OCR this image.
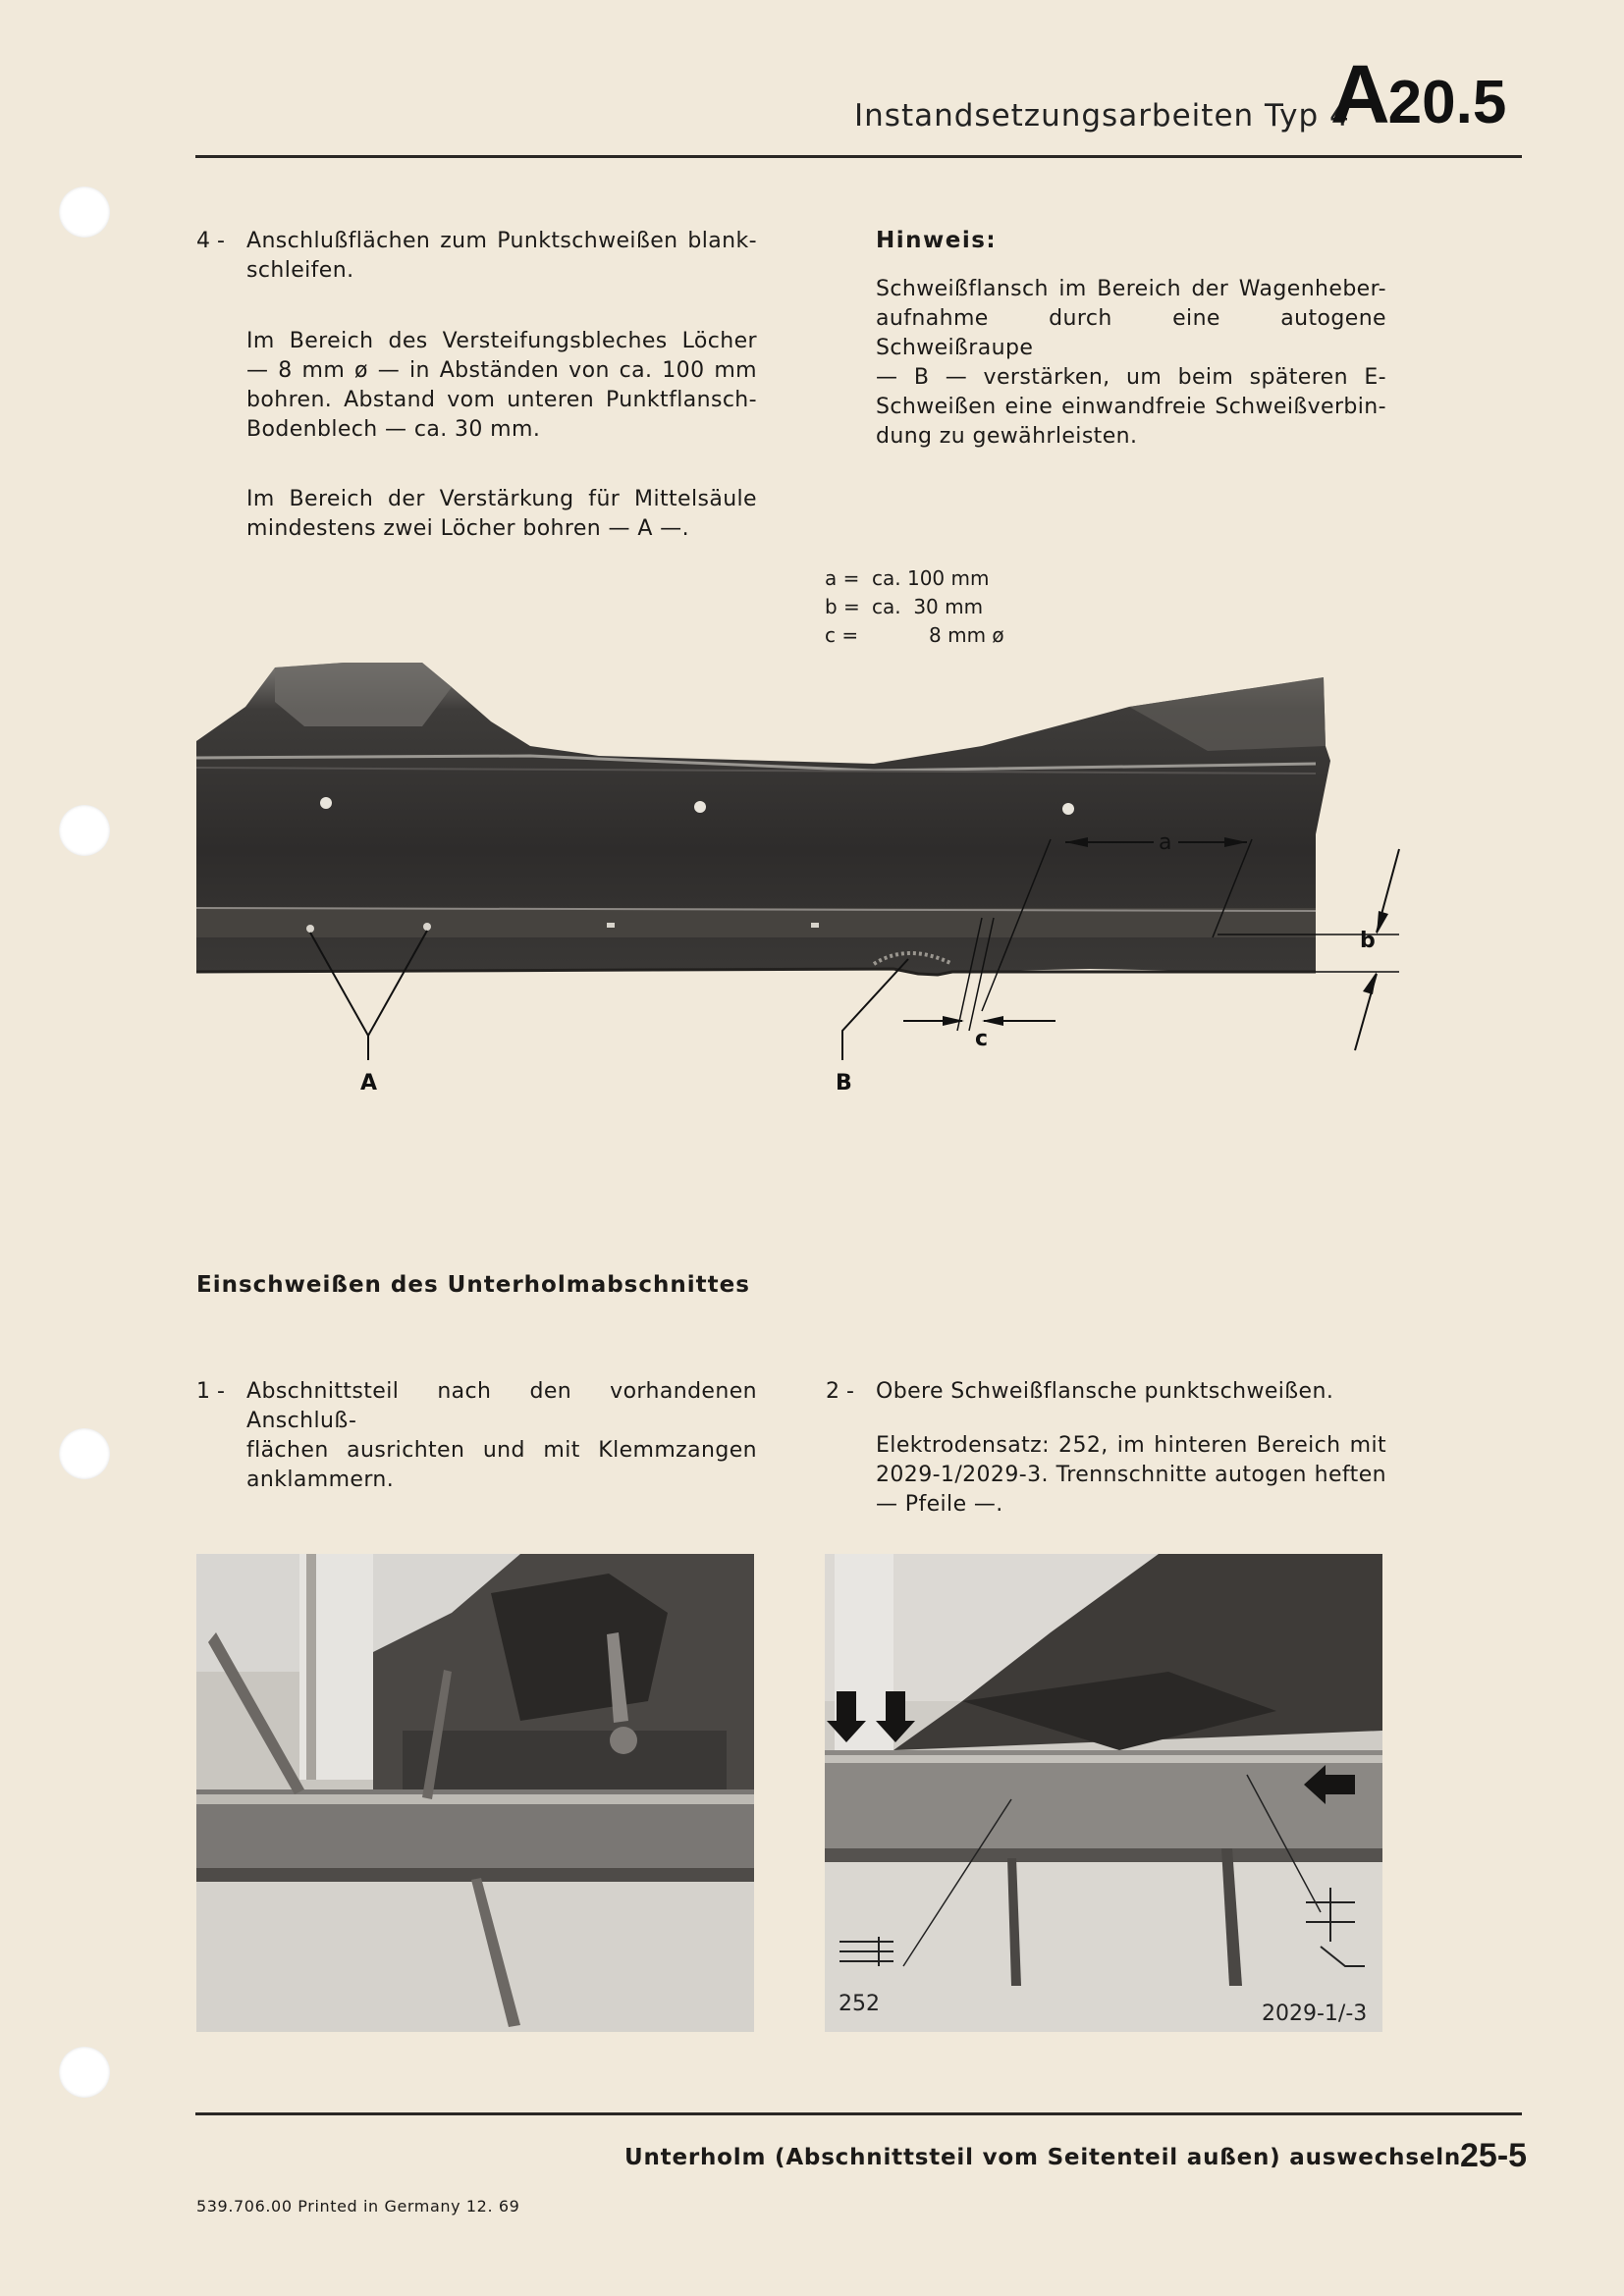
Instandsetzungsarbeiten Typ 4
A20.5
4 - Anschlußflächen zum Punktschweißen blank-
schleifen.
Im Bereich des Versteifungsbleches Löcher
— 8 mm ø — in Abständen von ca. 100 mm
bohren. Abstand vom unteren Punktflansch-
Bodenblech — ca. 30 mm.
Im Bereich der Verstärkung für Mittelsäule
mindestens zwei Löcher bohren — A —.
Hinweis:
Schweißflansch im Bereich der Wagenheber-
aufnahme durch eine autogene Schweißraupe
— B — verstärken, um beim späteren E-
Schweißen eine einwandfreie Schweißverbin-
dung zu gewährleisten.
a = ca. 100 mm
b = ca.  30 mm
c =	8 mm ø
A	B
a
b
c
Einschweißen des Unterholmabschnittes
1 - Abschnittsteil nach den vorhandenen Anschluß-
flächen ausrichten und mit Klemmzangen
anklammern.
2 - Obere Schweißflansche punktschweißen.
Elektrodensatz: 252, im hinteren Bereich mit
2029-1/2029-3. Trennschnitte autogen heften
— Pfeile —.
252	2029-1/-3
Unterholm (Abschnittsteil vom Seitenteil außen) auswechseln
25-5
539.706.00 Printed in Germany 12. 69
